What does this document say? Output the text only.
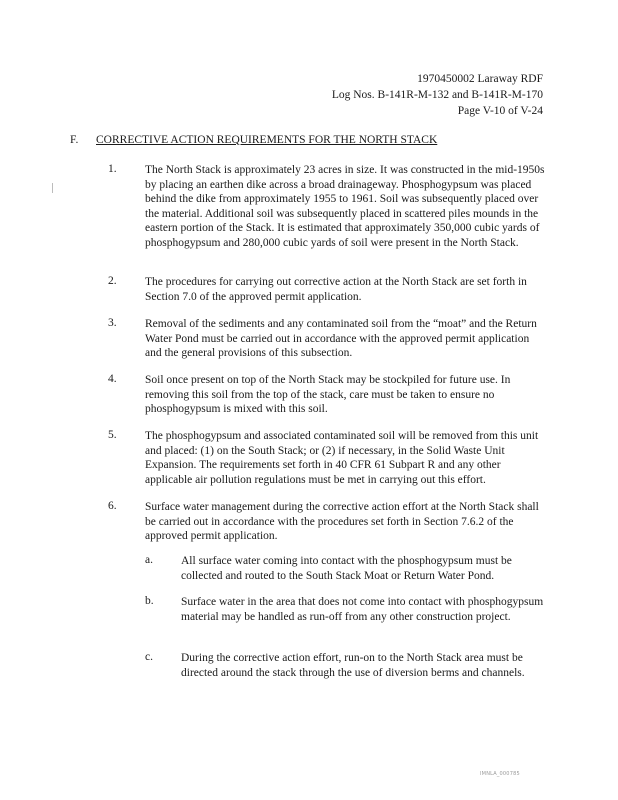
1970450002 Laraway RDF
Log Nos. B-141R-M-132 and B-141R-M-170
Page V-10 of V-24
F. CORRECTIVE ACTION REQUIREMENTS FOR THE NORTH STACK
1. The North Stack is approximately 23 acres in size. It was constructed in the mid-1950s by placing an earthen dike across a broad drainageway. Phosphogypsum was placed behind the dike from approximately 1955 to 1961. Soil was subsequently placed over the material. Additional soil was subsequently placed in scattered piles mounds in the eastern portion of the Stack. It is estimated that approximately 350,000 cubic yards of phosphogypsum and 280,000 cubic yards of soil were present in the North Stack.
2. The procedures for carrying out corrective action at the North Stack are set forth in Section 7.0 of the approved permit application.
3. Removal of the sediments and any contaminated soil from the “moat” and the Return Water Pond must be carried out in accordance with the approved permit application and the general provisions of this subsection.
4. Soil once present on top of the North Stack may be stockpiled for future use. In removing this soil from the top of the stack, care must be taken to ensure no phosphogypsum is mixed with this soil.
5. The phosphogypsum and associated contaminated soil will be removed from this unit and placed: (1) on the South Stack; or (2) if necessary, in the Solid Waste Unit Expansion. The requirements set forth in 40 CFR 61 Subpart R and any other applicable air pollution regulations must be met in carrying out this effort.
6. Surface water management during the corrective action effort at the North Stack shall be carried out in accordance with the procedures set forth in Section 7.6.2 of the approved permit application.
a. All surface water coming into contact with the phosphogypsum must be collected and routed to the South Stack Moat or Return Water Pond.
b. Surface water in the area that does not come into contact with phosphogypsum material may be handled as run-off from any other construction project.
c. During the corrective action effort, run-on to the North Stack area must be directed around the stack through the use of diversion berms and channels.
IMNLA_000785
